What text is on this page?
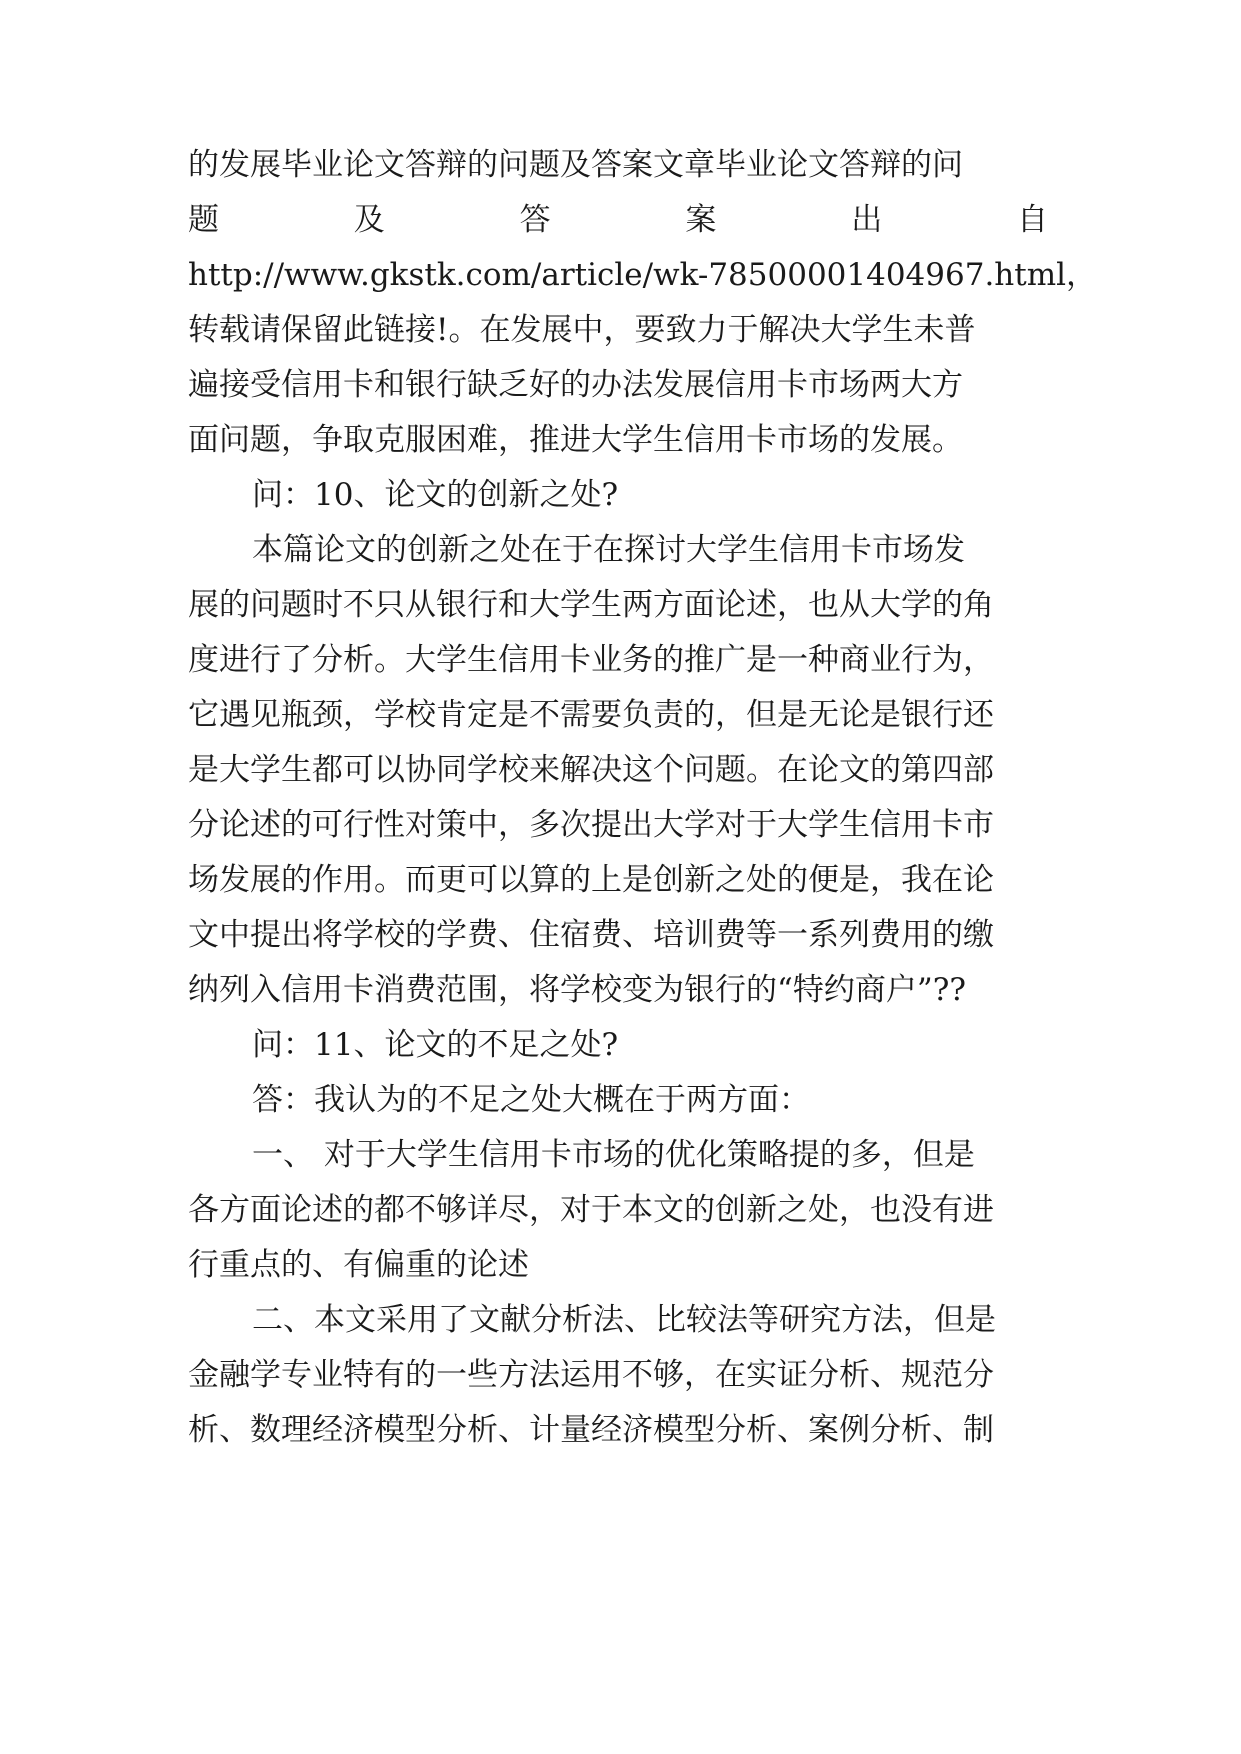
的发展毕业论文答辩的问题及答案文章毕业论文答辩的问
题	及	答	案	出	自
http://www.gkstk.com/article/wk-78500001404967.html，
转载请保留此链接!。在发展中，要致力于解决大学生未普
遍接受信用卡和银行缺乏好的办法发展信用卡市场两大方
面问题，争取克服困难，推进大学生信用卡市场的发展。
问：10、论文的创新之处?
本篇论文的创新之处在于在探讨大学生信用卡市场发
展的问题时不只从银行和大学生两方面论述，也从大学的角
度进行了分析。大学生信用卡业务的推广是一种商业行为，
它遇见瓶颈，学校肯定是不需要负责的，但是无论是银行还
是大学生都可以协同学校来解决这个问题。在论文的第四部
分论述的可行性对策中，多次提出大学对于大学生信用卡市
场发展的作用。而更可以算的上是创新之处的便是，我在论
文中提出将学校的学费、住宿费、培训费等一系列费用的缴
纳列入信用卡消费范围，将学校变为银行的“特约商户”??
问：11、论文的不足之处?
答：我认为的不足之处大概在于两方面：
一、 对于大学生信用卡市场的优化策略提的多，但是
各方面论述的都不够详尽，对于本文的创新之处，也没有进
行重点的、有偏重的论述
二、本文采用了文献分析法、比较法等研究方法，但是
金融学专业特有的一些方法运用不够，在实证分析、规范分
析、数理经济模型分析、计量经济模型分析、案例分析、制
